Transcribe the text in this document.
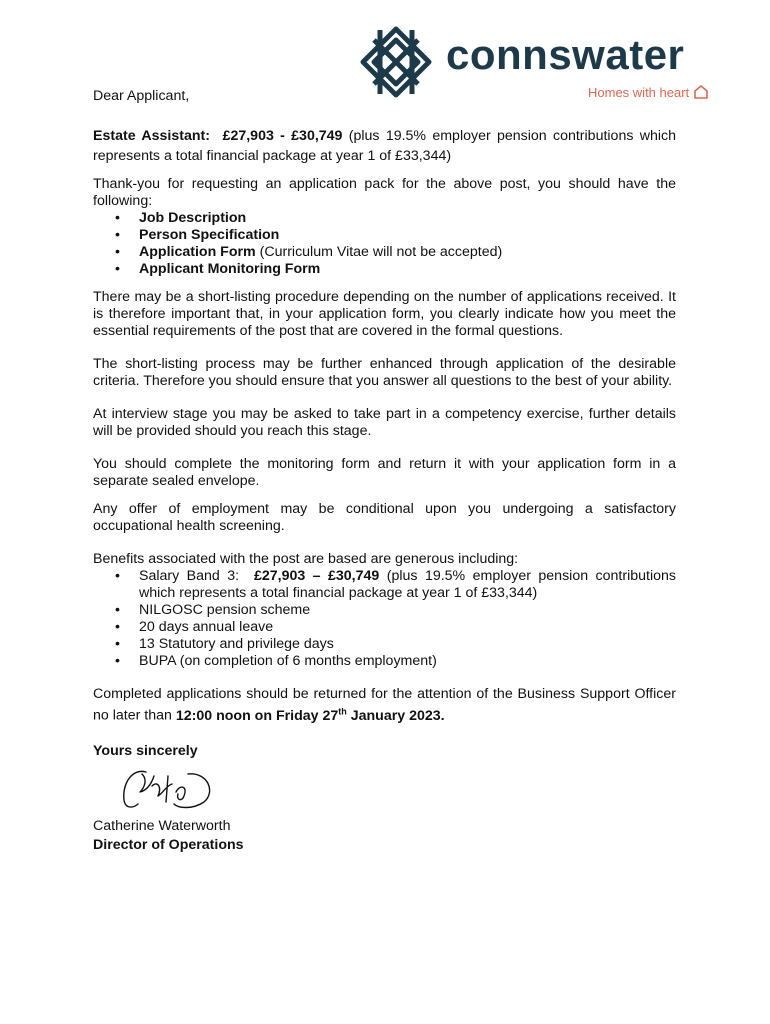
connswater
Homes with heart

Dear Applicant,

Estate Assistant: £27,903 - £30,749 (plus 19.5% employer pension contributions which represents a total financial package at year 1 of £33,344)

Thank-you for requesting an application pack for the above post, you should have the following:

• Job Description
• Person Specification
• Application Form (Curriculum Vitae will not be accepted)
• Applicant Monitoring Form

There may be a short-listing procedure depending on the number of applications received. It is therefore important that, in your application form, you clearly indicate how you meet the essential requirements of the post that are covered in the formal questions.

The short-listing process may be further enhanced through application of the desirable criteria. Therefore you should ensure that you answer all questions to the best of your ability.

At interview stage you may be asked to take part in a competency exercise, further details will be provided should you reach this stage.

You should complete the monitoring form and return it with your application form in a separate sealed envelope.

Any offer of employment may be conditional upon you undergoing a satisfactory occupational health screening.

Benefits associated with the post are based are generous including:

• Salary Band 3: £27,903 – £30,749 (plus 19.5% employer pension contributions which represents a total financial package at year 1 of £33,344)
• NILGOSC pension scheme
• 20 days annual leave
• 13 Statutory and privilege days
• BUPA (on completion of 6 months employment)

Completed applications should be returned for the attention of the Business Support Officer no later than 12:00 noon on Friday 27th January 2023.

Yours sincerely

Catherine Waterworth

Director of Operations
